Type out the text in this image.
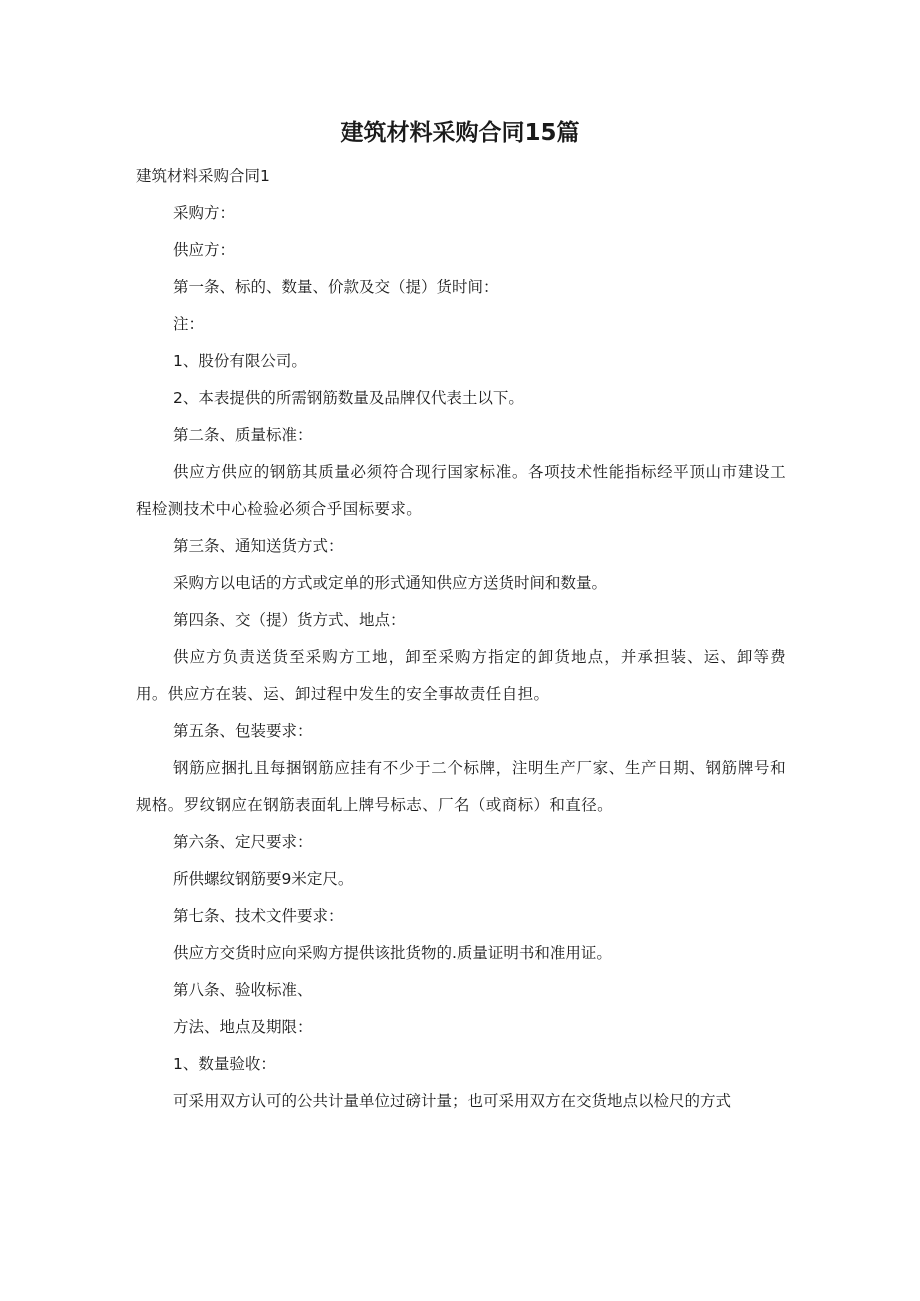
建筑材料采购合同15篇

建筑材料采购合同1

采购方：

供应方：

第一条、标的、数量、价款及交（提）货时间：

注：

1、股份有限公司。

2、本表提供的所需钢筋数量及品牌仅代表土以下。

第二条、质量标准：

供应方供应的钢筋其质量必须符合现行国家标准。各项技术性能指标经平顶山市建设工程检测技术中心检验必须合乎国标要求。

第三条、通知送货方式：

采购方以电话的方式或定单的形式通知供应方送货时间和数量。

第四条、交（提）货方式、地点：

供应方负责送货至采购方工地，卸至采购方指定的卸货地点，并承担装、运、卸等费用。供应方在装、运、卸过程中发生的安全事故责任自担。

第五条、包装要求：

钢筋应捆扎且每捆钢筋应挂有不少于二个标牌，注明生产厂家、生产日期、钢筋牌号和规格。罗纹钢应在钢筋表面轧上牌号标志、厂名（或商标）和直径。

第六条、定尺要求：

所供螺纹钢筋要9米定尺。

第七条、技术文件要求：

供应方交货时应向采购方提供该批货物的.质量证明书和准用证。

第八条、验收标准、

方法、地点及期限：

1、数量验收：

可采用双方认可的公共计量单位过磅计量；也可采用双方在交货地点以检尺的方式
